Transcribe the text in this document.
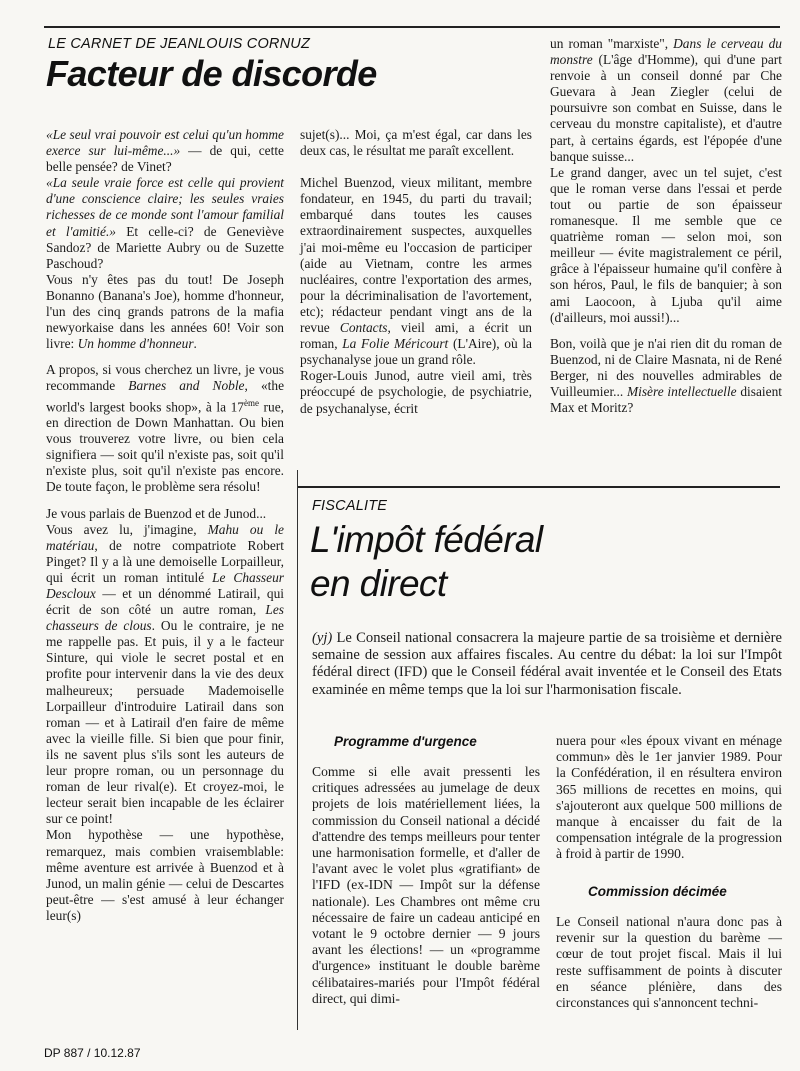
LE CARNET DE JEANLOUIS CORNUZ
Facteur de discorde

«Le seul vrai pouvoir est celui qu'un homme exerce sur lui-même...» — de qui, cette belle pensée? de Vinet?
«La seule vraie force est celle qui provient d'une conscience claire; les seules vraies richesses de ce monde sont l'amour familial et l'amitié.» Et celle-ci? de Geneviève Sandoz? de Mariette Aubry ou de Suzette Paschoud?
Vous n'y êtes pas du tout! De Joseph Bonanno (Banana's Joe), homme d'honneur, l'un des cinq grands patrons de la mafia newyorkaise dans les années 60! Voir son livre: Un homme d'honneur.

A propos, si vous cherchez un livre, je vous recommande Barnes and Noble, «the world's largest books shop», à la 17ème rue, en direction de Down Manhattan. Ou bien vous trouverez votre livre, ou bien cela signifiera — soit qu'il n'existe pas, soit qu'il n'existe plus, soit qu'il n'existe pas encore. De toute façon, le problème sera résolu!

Je vous parlais de Buenzod et de Junod...
Vous avez lu, j'imagine, Mahu ou le matériau, de notre compatriote Robert Pinget? Il y a là une demoiselle Lorpailleur, qui écrit un roman intitulé Le Chasseur Descloux — et un dénommé Latirail, qui écrit de son côté un autre roman, Les chasseurs de clous. Ou le contraire, je ne me rappelle pas. Et puis, il y a le facteur Sinture, qui viole le secret postal et en profite pour intervenir dans la vie des deux malheureux; persuade Mademoiselle Lorpailleur d'introduire Latirail dans son roman — et à Latirail d'en faire de même avec la vieille fille. Si bien que pour finir, ils ne savent plus s'ils sont les auteurs de leur propre roman, ou un personnage du roman de leur rival(e). Et croyez-moi, le lecteur serait bien incapable de les éclairer sur ce point!
Mon hypothèse — une hypothèse, remarquez, mais combien vraisemblable: même aventure est arrivée à Buenzod et à Junod, un malin génie — celui de Descartes peut-être — s'est amusé à leur échanger leur(s)

sujet(s)... Moi, ça m'est égal, car dans les deux cas, le résultat me paraît excellent.

Michel Buenzod, vieux militant, membre fondateur, en 1945, du parti du travail; embarqué dans toutes les causes extraordinairement suspectes, auxquelles j'ai moi-même eu l'occasion de participer (aide au Vietnam, contre les armes nucléaires, contre l'exportation des armes, pour la décriminalisation de l'avortement, etc); rédacteur pendant vingt ans de la revue Contacts, vieil ami, a écrit un roman, La Folie Méricourt (L'Aire), où la psychanalyse joue un grand rôle.
Roger-Louis Junod, autre vieil ami, très préoccupé de psychologie, de psychiatrie, de psychanalyse, écrit

un roman "marxiste", Dans le cerveau du monstre (L'âge d'Homme), qui d'une part renvoie à un conseil donné par Che Guevara à Jean Ziegler (celui de poursuivre son combat en Suisse, dans le cerveau du monstre capitaliste), et d'autre part, à certains égards, est l'épopée d'une banque suisse...
Le grand danger, avec un tel sujet, c'est que le roman verse dans l'essai et perde tout ou partie de son épaisseur romanesque. Il me semble que ce quatrième roman — selon moi, son meilleur — évite magistralement ce péril, grâce à l'épaisseur humaine qu'il confère à son héros, Paul, le fils de banquier; à son ami Laocoon, à Ljuba qu'il aime (d'ailleurs, moi aussi!)...

Bon, voilà que je n'ai rien dit du roman de Buenzod, ni de Claire Masnata, ni de René Berger, ni des nouvelles admirables de Vuilleumier... Misère intellectuelle disaient Max et Moritz?

FISCALITE
L'impôt fédéral
en direct
(yj) Le Conseil national consacrera la majeure partie de sa troisième et dernière semaine de session aux affaires fiscales. Au centre du débat: la loi sur l'Impôt fédéral direct (IFD) que le Conseil fédéral avait inventée et le Conseil des Etats examinée en même temps que la loi sur l'harmonisation fiscale.
Programme d'urgence
Comme si elle avait pressenti les critiques adressées au jumelage de deux projets de lois matériellement liées, la commission du Conseil national a décidé d'attendre des temps meilleurs pour tenter une harmonisation formelle, et d'aller de l'avant avec le volet plus «gratifiant» de l'IFD (ex-IDN — Impôt sur la défense nationale). Les Chambres ont même cru nécessaire de faire un cadeau anticipé en votant le 9 octobre dernier — 9 jours avant les élections! — un «programme d'urgence» instituant le double barème célibataires-mariés pour l'Impôt fédéral direct, qui dimi-
nuera pour «les époux vivant en ménage commun» dès le 1er janvier 1989. Pour la Confédération, il en résultera environ 365 millions de recettes en moins, qui s'ajouteront aux quelque 500 millions de manque à encaisser du fait de la compensation intégrale de la progression à froid à partir de 1990.
Commission décimée
Le Conseil national n'aura donc pas à revenir sur la question du barème — cœur de tout projet fiscal. Mais il lui reste suffisamment de points à discuter en séance plénière, dans des circonstances qui s'annoncent techni-
DP 887 / 10.12.87
